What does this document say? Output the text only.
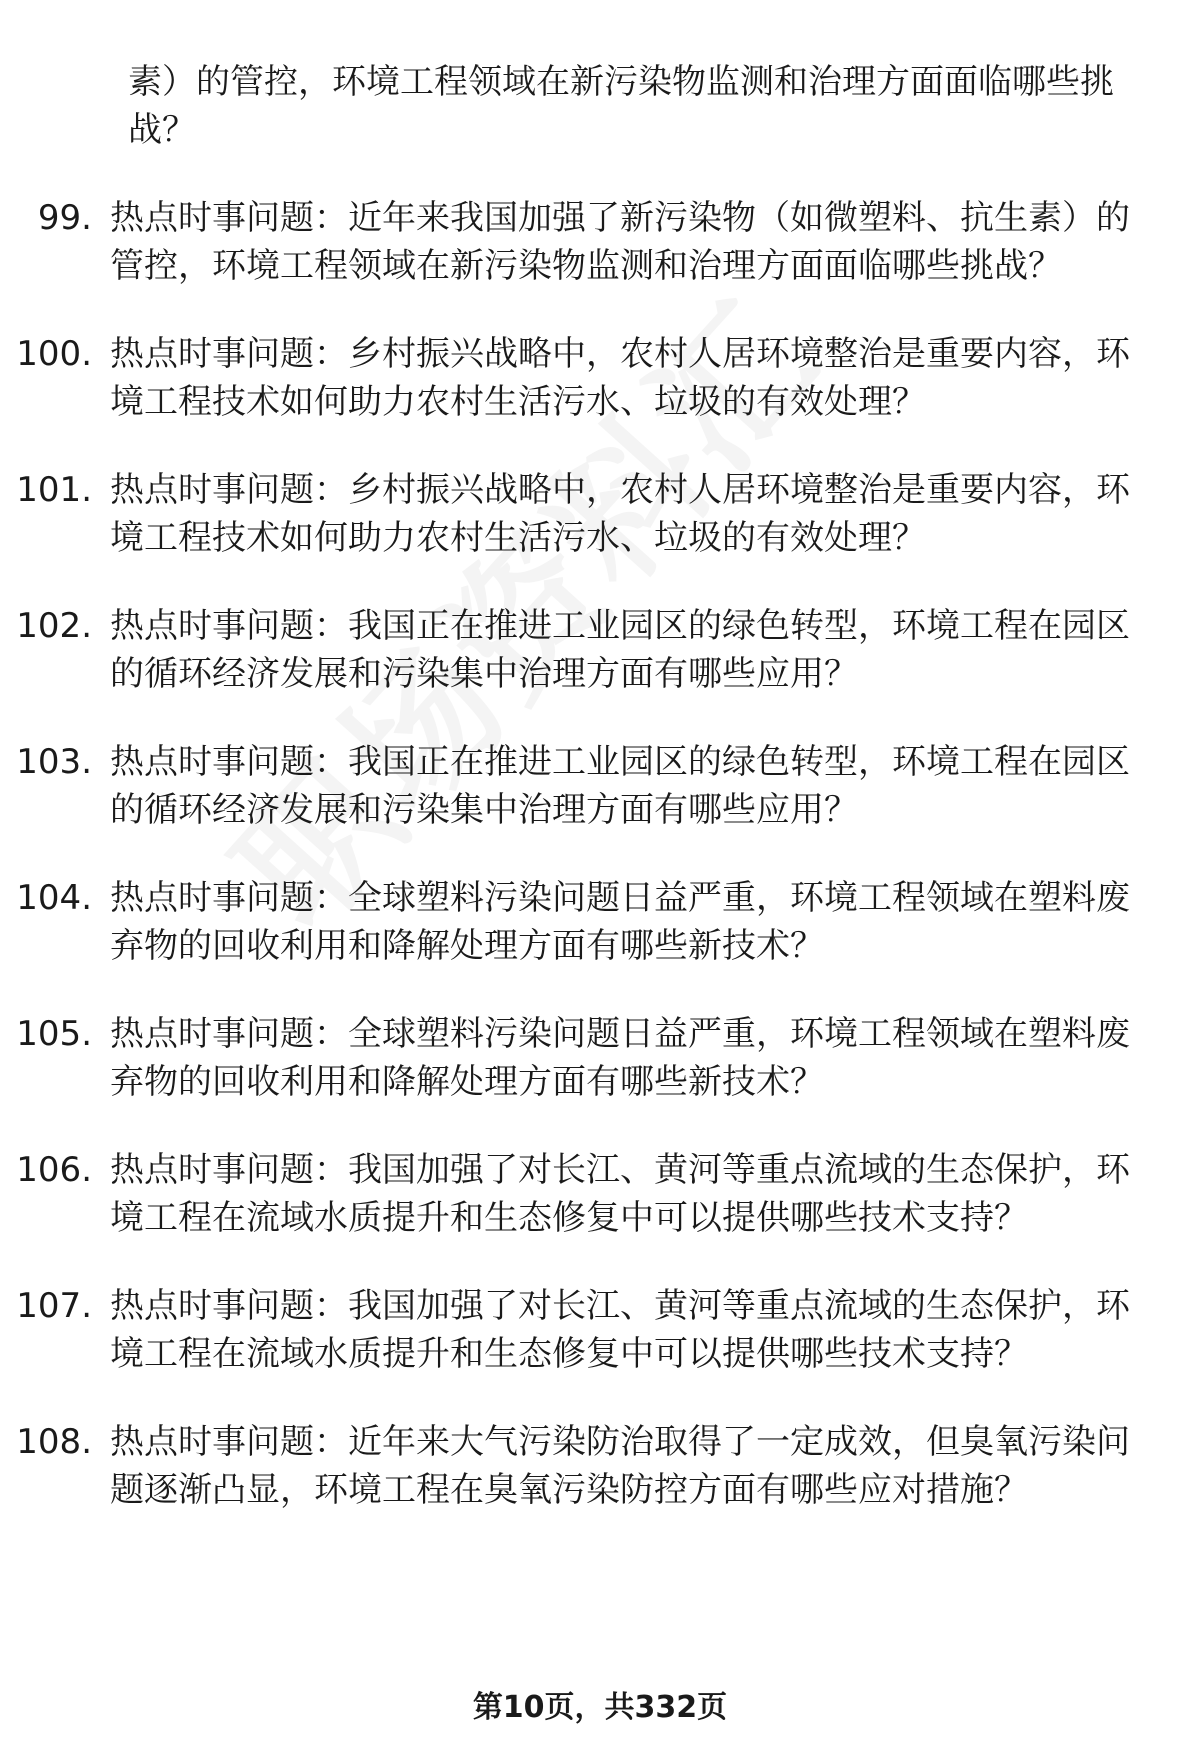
素）的管控，环境工程领域在新污染物监测和治理方面面临哪些挑战？
99. 热点时事问题：近年来我国加强了新污染物（如微塑料、抗生素）的管控，环境工程领域在新污染物监测和治理方面面临哪些挑战？
100. 热点时事问题：乡村振兴战略中，农村人居环境整治是重要内容，环境工程技术如何助力农村生活污水、垃圾的有效处理？
101. 热点时事问题：乡村振兴战略中，农村人居环境整治是重要内容，环境工程技术如何助力农村生活污水、垃圾的有效处理？
102. 热点时事问题：我国正在推进工业园区的绿色转型，环境工程在园区的循环经济发展和污染集中治理方面有哪些应用？
103. 热点时事问题：我国正在推进工业园区的绿色转型，环境工程在园区的循环经济发展和污染集中治理方面有哪些应用？
104. 热点时事问题：全球塑料污染问题日益严重，环境工程领域在塑料废弃物的回收利用和降解处理方面有哪些新技术？
105. 热点时事问题：全球塑料污染问题日益严重，环境工程领域在塑料废弃物的回收利用和降解处理方面有哪些新技术？
106. 热点时事问题：我国加强了对长江、黄河等重点流域的生态保护，环境工程在流域水质提升和生态修复中可以提供哪些技术支持？
107. 热点时事问题：我国加强了对长江、黄河等重点流域的生态保护，环境工程在流域水质提升和生态修复中可以提供哪些技术支持？
108. 热点时事问题：近年来大气污染防治取得了一定成效，但臭氧污染问题逐渐凸显，环境工程在臭氧污染防控方面有哪些应对措施？
第10页，共332页
